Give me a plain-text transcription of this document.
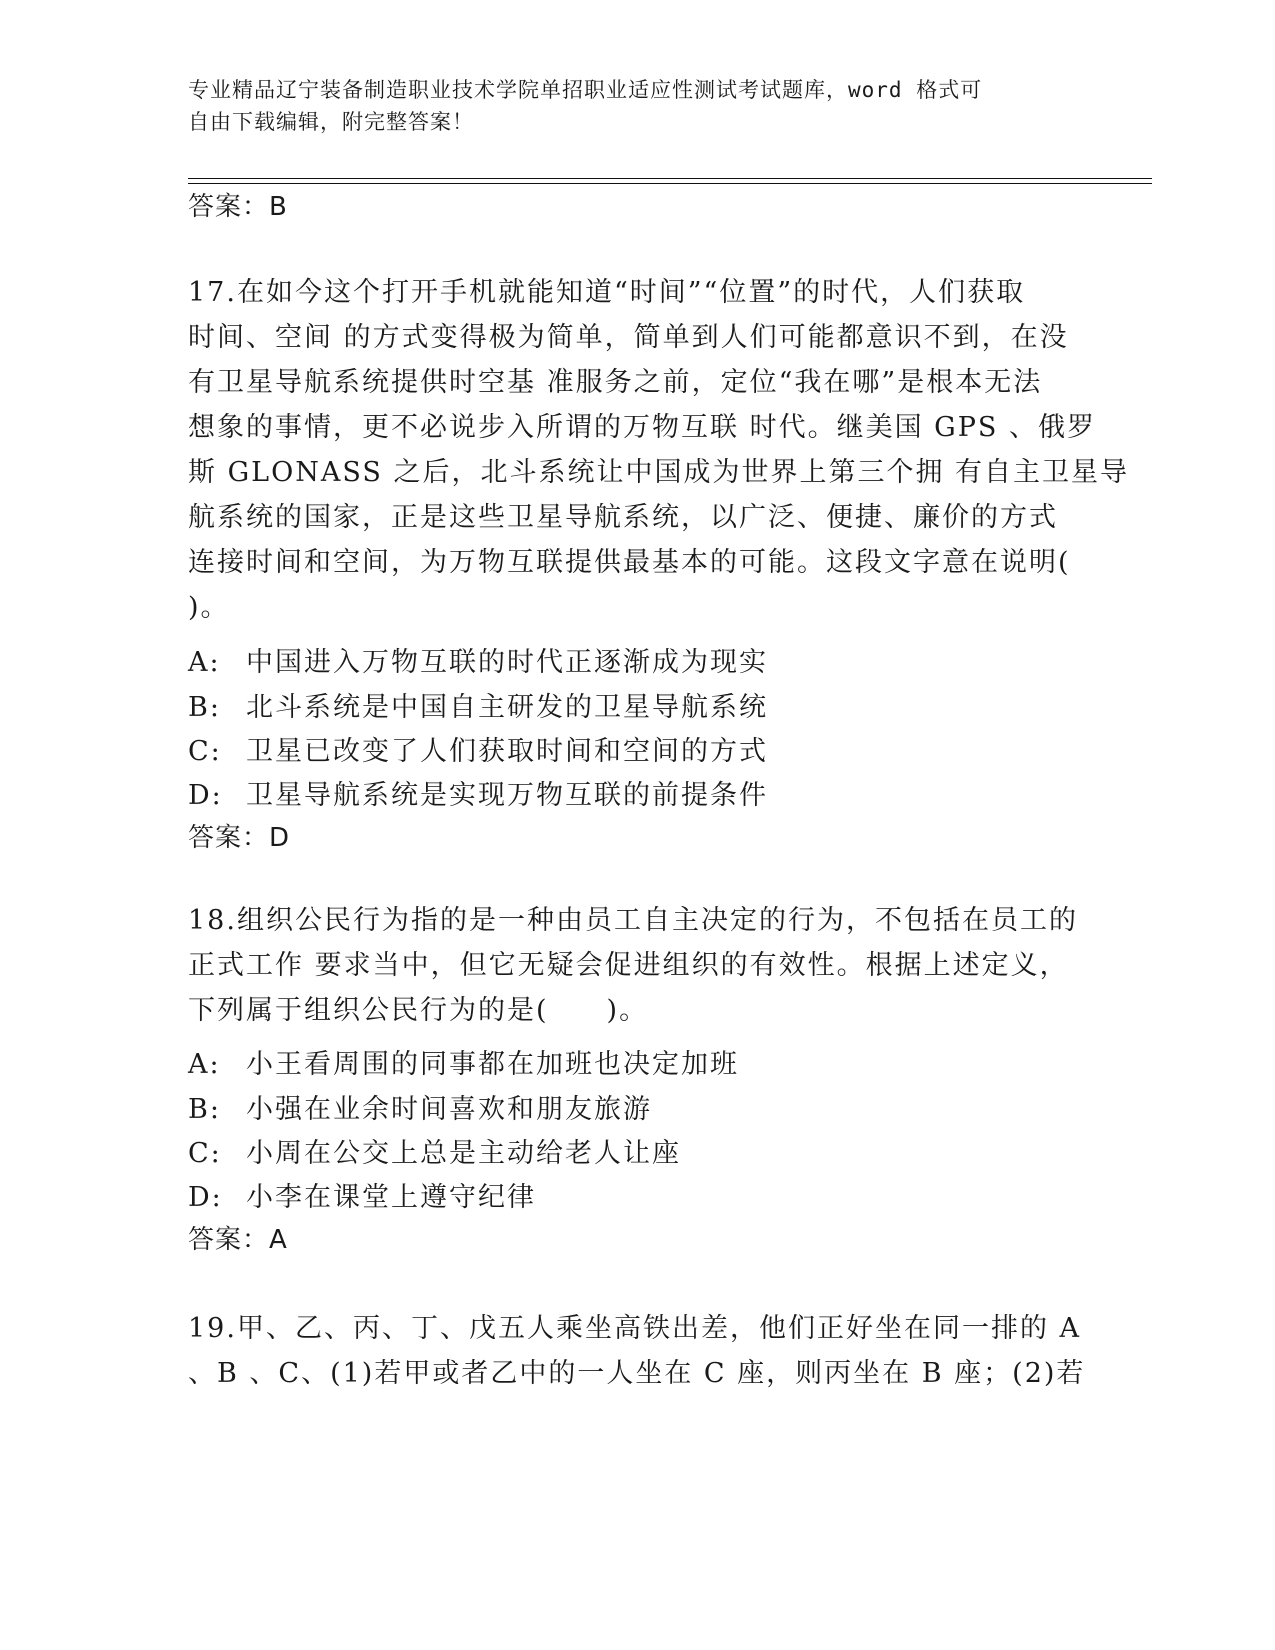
专业精品辽宁装备制造职业技术学院单招职业适应性测试考试题库，word 格式可
自由下载编辑，附完整答案！
答案：B
17.在如今这个打开手机就能知道“时间”“位置”的时代，人们获取
时间、空间 的方式变得极为简单，简单到人们可能都意识不到，在没
有卫星导航系统提供时空基 准服务之前，定位“我在哪”是根本无法
想象的事情，更不必说步入所谓的万物互联 时代。继美国 GPS 、俄罗
斯 GLONASS 之后，北斗系统让中国成为世界上第三个拥 有自主卫星导
航系统的国家，正是这些卫星导航系统，以广泛、便捷、廉价的方式
连接时间和空间，为万物互联提供最基本的可能。这段文字意在说明(
)。
A: 中国进入万物互联的时代正逐渐成为现实
B: 北斗系统是中国自主研发的卫星导航系统
C: 卫星已改变了人们获取时间和空间的方式
D: 卫星导航系统是实现万物互联的前提条件
答案：D
18.组织公民行为指的是一种由员工自主决定的行为，不包括在员工的
正式工作 要求当中，但它无疑会促进组织的有效性。根据上述定义，
下列属于组织公民行为的是(　　)。
A: 小王看周围的同事都在加班也决定加班
B: 小强在业余时间喜欢和朋友旅游
C: 小周在公交上总是主动给老人让座
D: 小李在课堂上遵守纪律
答案：A
19.甲、乙、丙、丁、戊五人乘坐高铁出差，他们正好坐在同一排的 A
、B 、C、(1)若甲或者乙中的一人坐在 C 座，则丙坐在 B 座；(2)若
